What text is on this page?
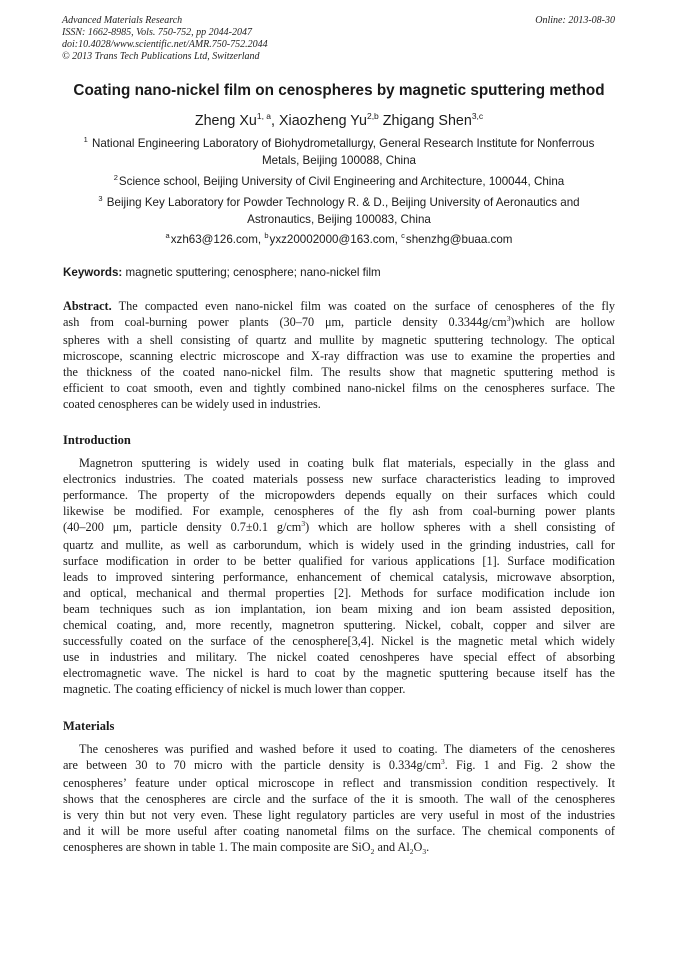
Advanced Materials Research
ISSN: 1662-8985, Vols. 750-752, pp 2044-2047
doi:10.4028/www.scientific.net/AMR.750-752.2044
© 2013 Trans Tech Publications Ltd, Switzerland
Online: 2013-08-30
Coating nano-nickel film on cenospheres by magnetic sputtering method
Zheng Xu$^{1, a}$, Xiaozheng Yu$^{2,b}$ Zhigang Shen$^{3,c}$
$^1$ National Engineering Laboratory of Biohydrometallurgy, General Research Institute for Nonferrous
Metals, Beijing 100088, China
$^2$Science school, Beijing University of Civil Engineering and Architecture, 100044, China
$^3$ Beijing Key Laboratory for Powder Technology R. & D., Beijing University of Aeronautics and
Astronautics, Beijing 100083, China
$^a$xzh63@126.com, $^b$yxz20002000@163.com, $^c$shenzhg@buaa.com
Keywords: magnetic sputtering; cenosphere; nano-nickel film
Abstract. The compacted even nano-nickel film was coated on the surface of cenospheres of the fly
ash from coal-burning power plants (30–70 μm, particle density $0.3344g/cm^3)which$ are hollow
spheres with a shell consisting of quartz and mullite by magnetic sputtering technology. The optical
microscope, scanning electric microscope and X-ray diffraction was use to examine the properties and
the thickness of the coated nano-nickel film. The results show that magnetic sputtering method is
efficient to coat smooth, even and tightly combined nano-nickel films on the cenospheres surface. The
coated cenospheres can be widely used in industries.
Introduction
Magnetron sputtering is widely used in coating bulk flat materials, especially in the glass and
electronics industries. The coated materials possess new surface characteristics leading to improved
performance. The property of the micropowders depends equally on their surfaces which could
likewise be modified. For example, cenospheres of the fly ash from coal-burning power plants
(40–200 μm, particle density 0.7±0.1 $g/cm^3$) which are hollow spheres with a shell consisting of
quartz and mullite, as well as carborundum, which is widely used in the grinding industries, call for
surface modification in order to be better qualified for various applications [1]. Surface modification
leads to improved sintering performance, enhancement of chemical catalysis, microwave absorption,
and optical, mechanical and thermal properties [2]. Methods for surface modification include ion
beam techniques such as ion implantation, ion beam mixing and ion beam assisted deposition,
chemical coating, and, more recently, magnetron sputtering. Nickel, cobalt, copper and silver are
successfully coated on the surface of the cenosphere[3,4]. Nickel is the magnetic metal which widely
use in industries and military. The nickel coated cenoshperes have special effect of absorbing
electromagnetic wave. The nickel is hard to coat by the magnetic sputtering because itself has the
magnetic. The coating efficiency of nickel is much lower than copper.
Materials
The cenosheres was purified and washed before it used to coating. The diameters of the cenosheres
are between 30 to 70 micro with the particle density is $0.334g/cm^3$. Fig. 1 and Fig. 2 show the
cenospheres’ feature under optical microscope in reflect and transmission condition respectively. It
shows that the cenospheres are circle and the surface of the it is smooth. The wall of the cenospheres
is very thin but not very even. These light regulatory particles are very useful in most of the industries
and it will be more useful after coating nanometal films on the surface. The chemical components of
cenospheres are shown in table 1. The main composite are SiO$_2$ and $Al_2O_3$.
